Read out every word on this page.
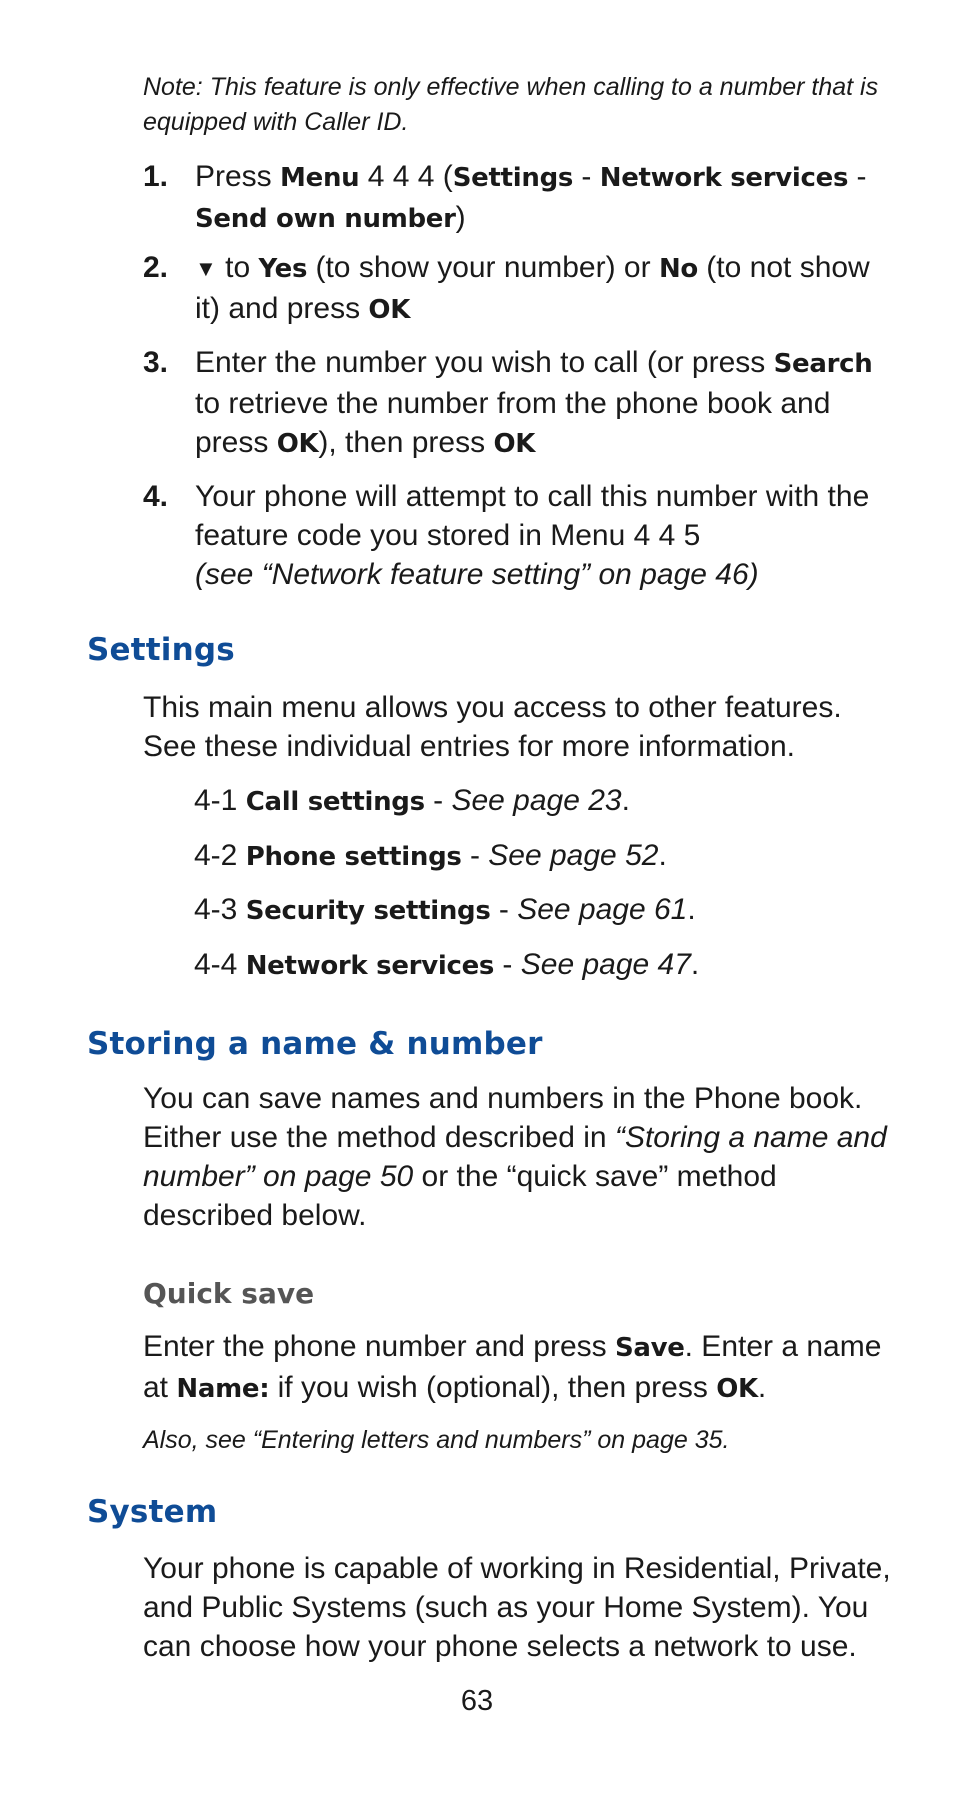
Note: This feature is only effective when calling to a number that is equipped with Caller ID.
1. Press Menu 4 4 4 (Settings - Network services - Send own number)
2. ▼ to Yes (to show your number) or No (to not show it) and press OK
3. Enter the number you wish to call (or press Search to retrieve the number from the phone book and press OK), then press OK
4. Your phone will attempt to call this number with the feature code you stored in Menu 4 4 5
(see “Network feature setting” on page 46)
Settings
This main menu allows you access to other features.
See these individual entries for more information.
4-1 Call settings - See page 23.
4-2 Phone settings - See page 52.
4-3 Security settings - See page 61.
4-4 Network services - See page 47.
Storing a name & number
You can save names and numbers in the Phone book. Either use the method described in “Storing a name and number” on page 50 or the “quick save” method described below.
Quick save
Enter the phone number and press Save. Enter a name at Name: if you wish (optional), then press OK.
Also, see “Entering letters and numbers” on page 35.
System
Your phone is capable of working in Residential, Private, and Public Systems (such as your Home System). You can choose how your phone selects a network to use.
63
